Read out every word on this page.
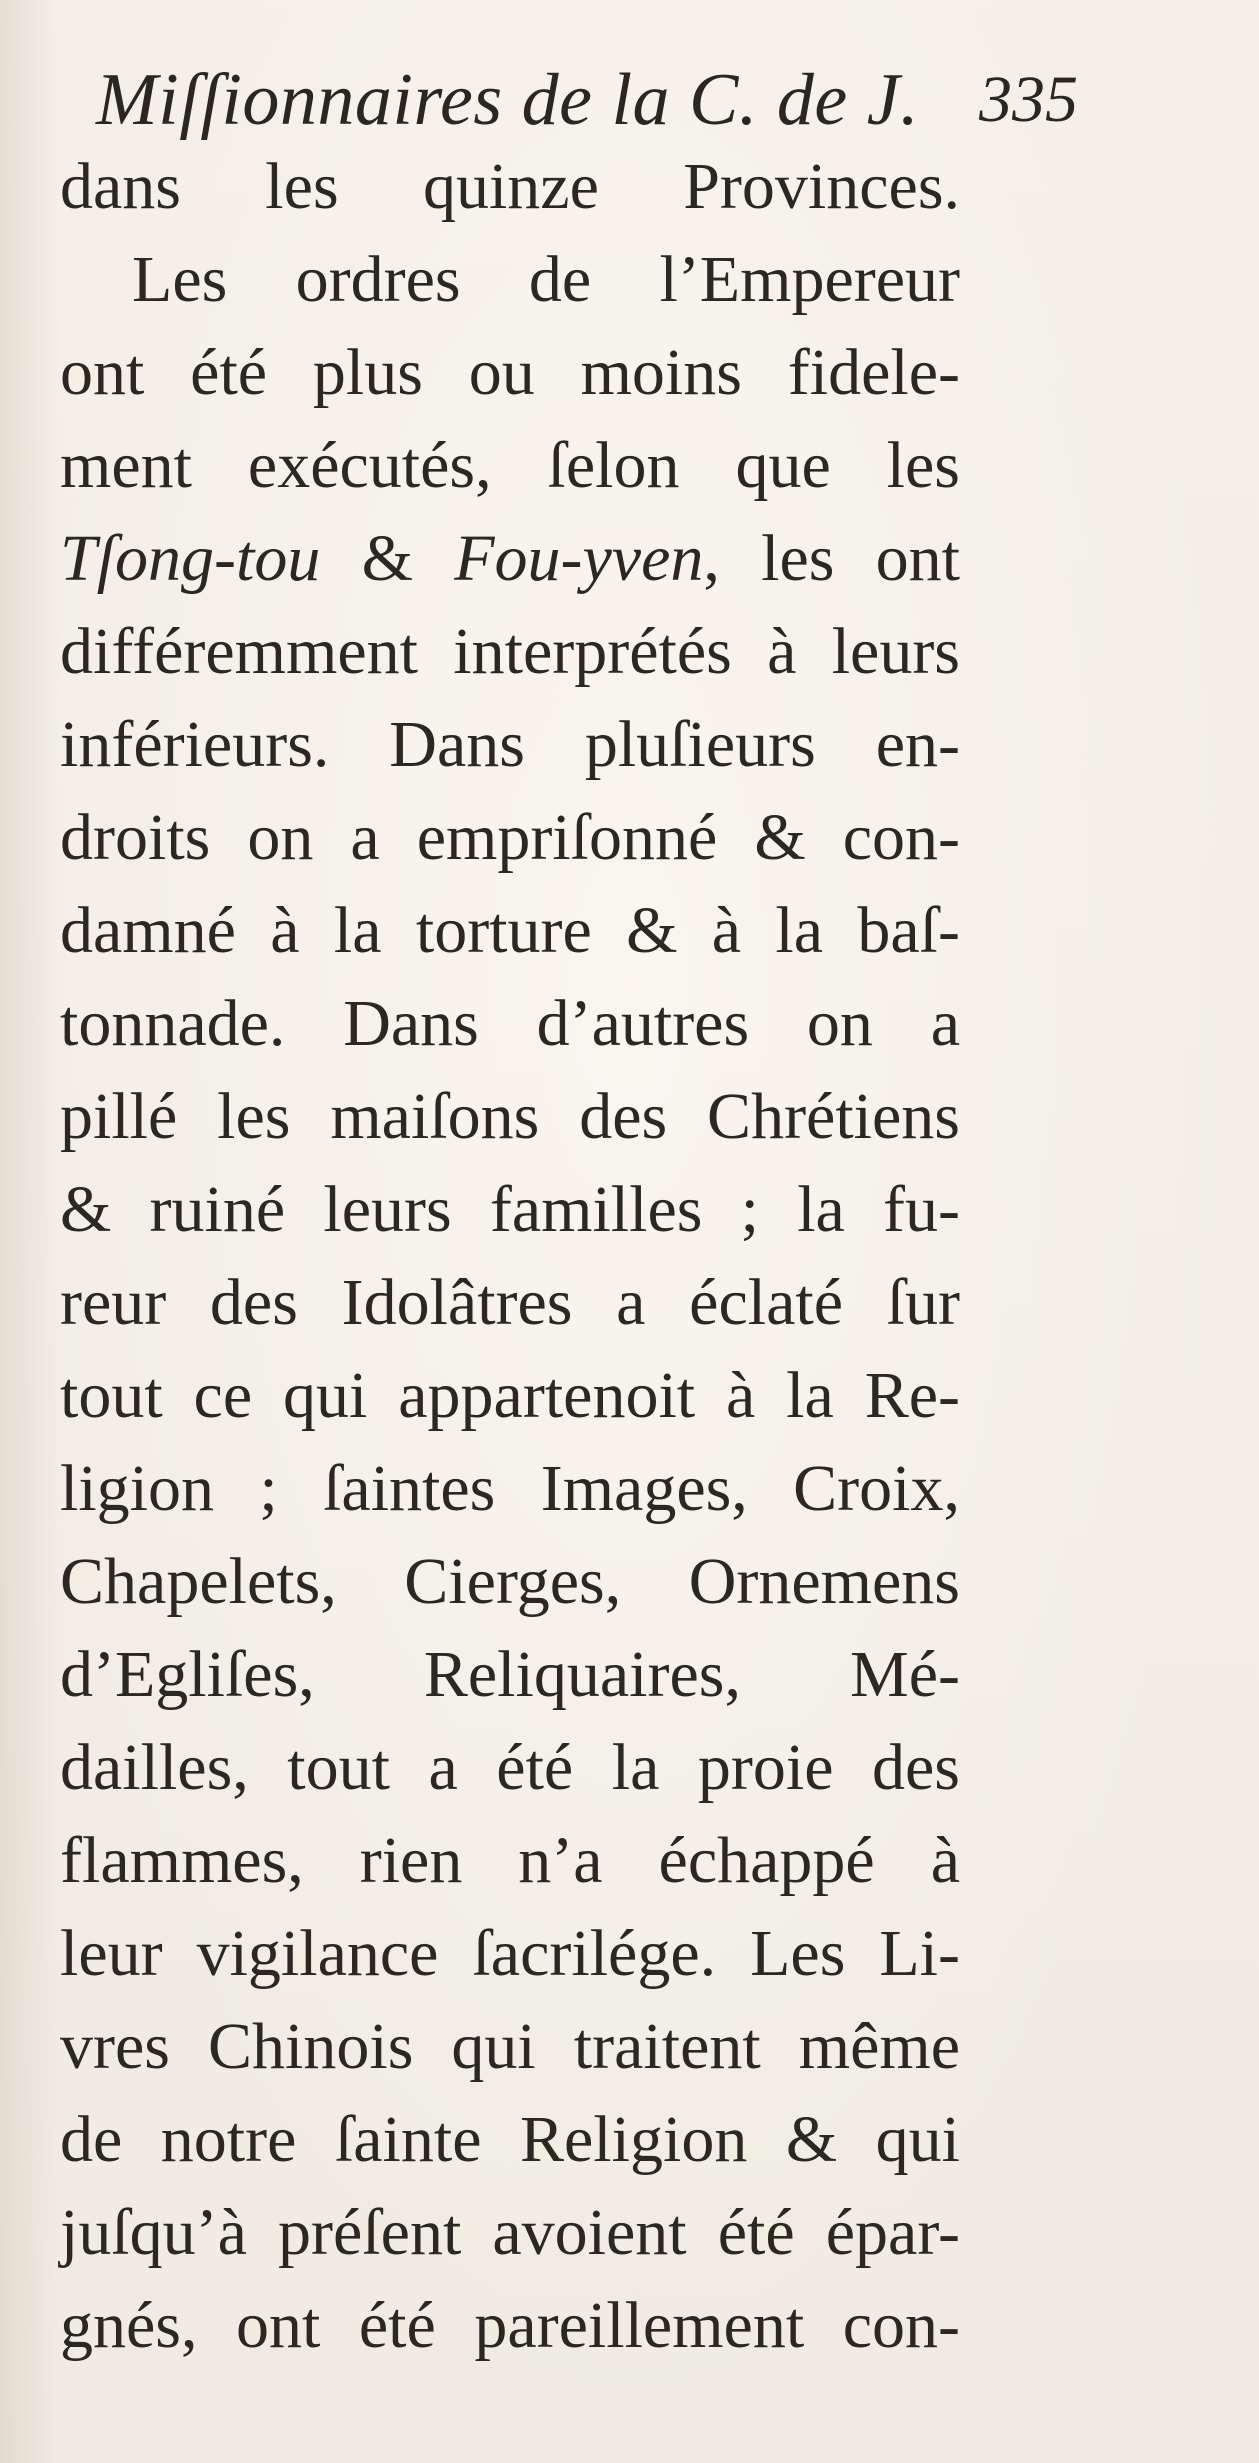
Miſſionnaires de la C. de J. 335
dans les quinze Provinces.
Les ordres de l’Empereur
ont été plus ou moins fidele-
ment exécutés, ſelon que les
Tſong-tou & Fou-yven, les ont
différemment interprétés à leurs
inférieurs. Dans pluſieurs en-
droits on a empriſonné & con-
damné à la torture & à la baſ-
tonnade. Dans d’autres on a
pillé les maiſons des Chrétiens
& ruiné leurs familles ; la fu-
reur des Idolâtres a éclaté ſur
tout ce qui appartenoit à la Re-
ligion ; ſaintes Images, Croix,
Chapelets, Cierges, Ornemens
d’Egliſes, Reliquaires, Mé-
dailles, tout a été la proie des
flammes, rien n’a échappé à
leur vigilance ſacrilége. Les Li-
vres Chinois qui traitent même
de notre ſainte Religion & qui
juſqu’à préſent avoient été épar-
gnés, ont été pareillement con-
